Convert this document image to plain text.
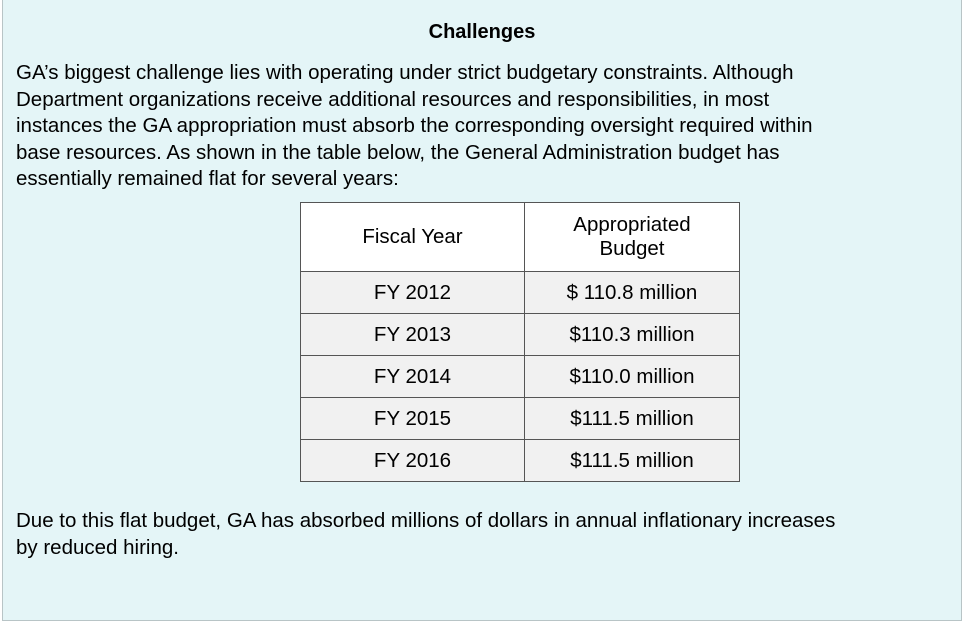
Challenges

GA’s biggest challenge lies with operating under strict budgetary constraints. Although
Department organizations receive additional resources and responsibilities, in most
instances the GA appropriation must absorb the corresponding oversight required within
base resources. As shown in the table below, the General Administration budget has
essentially remained flat for several years:

Fiscal Year	Appropriated Budget
FY 2012	$ 110.8 million
FY 2013	$110.3 million
FY 2014	$110.0 million
FY 2015	$111.5 million
FY 2016	$111.5 million

Due to this flat budget, GA has absorbed millions of dollars in annual inflationary increases
by reduced hiring.
